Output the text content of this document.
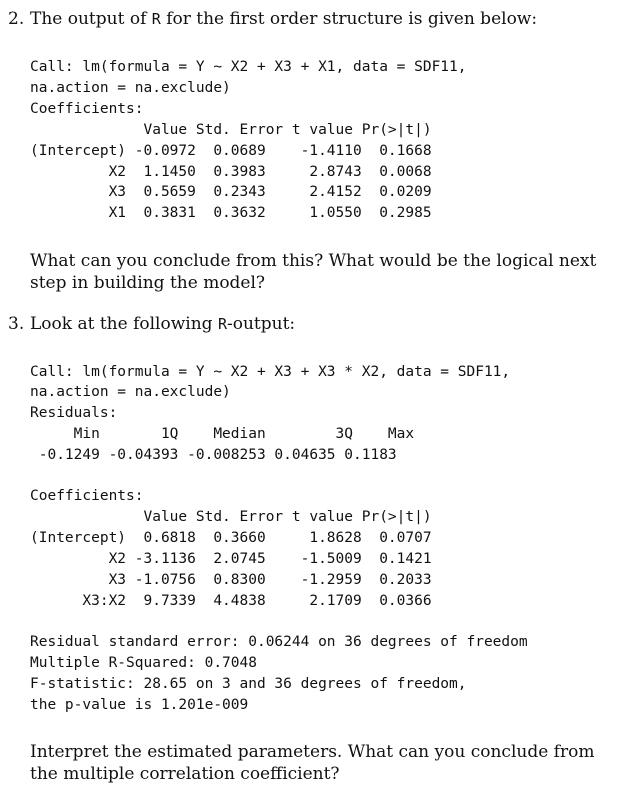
2. The output of R for the first order structure is given below:
Call: lm(formula = Y ~ X2 + X3 + X1, data = SDF11,
na.action = na.exclude)
Coefficients:
Value Std. Error t value Pr(>|t|)
(Intercept) -0.0972  0.0689    -1.4110  0.1668
X2  1.1450  0.3983     2.8743  0.0068
X3  0.5659  0.2343     2.4152  0.0209
X1  0.3831  0.3632     1.0550  0.2985
What can you conclude from this? What would be the logical next step in building the model?
3. Look at the following R-output:
Call: lm(formula = Y ~ X2 + X3 + X3 * X2, data = SDF11,
na.action = na.exclude)
Residuals:
Min       1Q    Median        3Q    Max
-0.1249 -0.04393 -0.008253 0.04635 0.1183
Coefficients:
Value Std. Error t value Pr(>|t|)
(Intercept)  0.6818  0.3660     1.8628  0.0707
X2 -3.1136  2.0745    -1.5009  0.1421
X3 -1.0756  0.8300    -1.2959  0.2033
X3:X2  9.7339  4.4838     2.1709  0.0366
Residual standard error: 0.06244 on 36 degrees of freedom
Multiple R-Squared: 0.7048
F-statistic: 28.65 on 3 and 36 degrees of freedom,
the p-value is 1.201e-009
Interpret the estimated parameters. What can you conclude from the multiple correlation coefficient?
